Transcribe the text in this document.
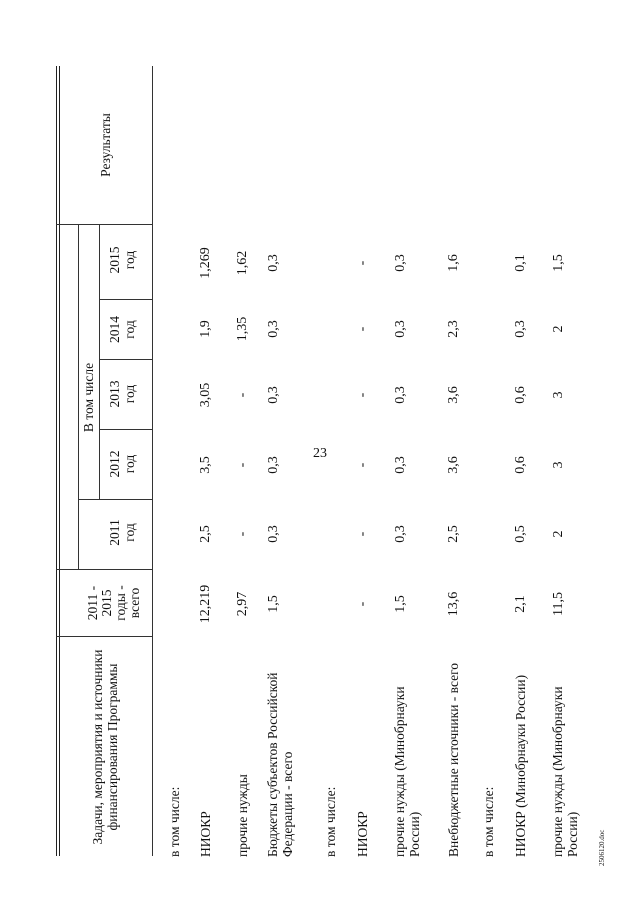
23
Задачи, мероприятия и источники финансирования Программы
2011 - 2015 годы - всего
В том числе
2011 год
2012 год
2013 год
2014 год
2015 год
Результаты
в том числе: НИОКР
12,219
2,5
3,5
3,05
1,9
1,269
прочие нужды
2,97
-
-
-
1,35
1,62
Бюджеты субъектов Российской Федерации - всего
1,5
0,3
0,3
0,3
0,3
0,3
в том числе: НИОКР
-
-
-
-
-
-
прочие нужды (Минобрнауки России)
1,5
0,3
0,3
0,3
0,3
0,3
Внебюджетные источники - всего
13,6
2,5
3,6
3,6
2,3
1,6
в том числе: НИОКР (Минобрнауки России)
2,1
0,5
0,6
0,6
0,3
0,1
прочие нужды (Минобрнауки России)
11,5
2
3
3
2
1,5
2506120.doc
